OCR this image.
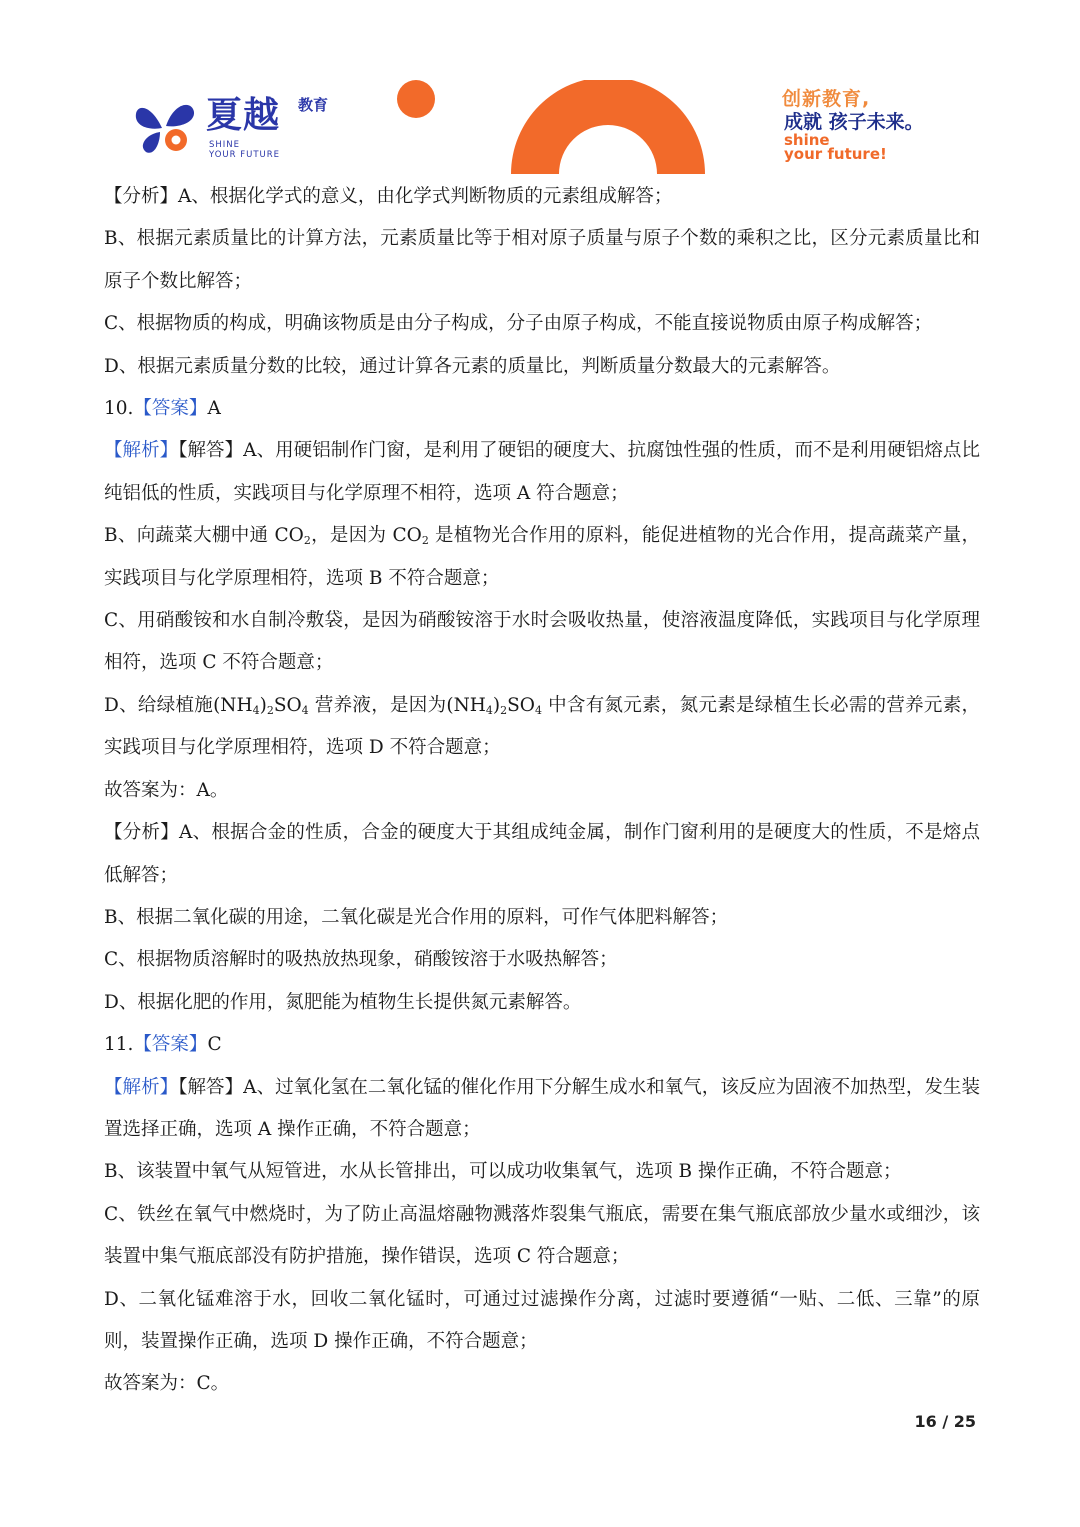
夏越 教育
SHINE
YOUR FUTURE
创新教育,
成就 孩子未来。
shine
your future!

【分析】A、根据化学式的意义，由化学式判断物质的元素组成解答；

B、根据元素质量比的计算方法，元素质量比等于相对原子质量与原子个数的乘积之比，区分元素质量比和原子个数比解答；

C、根据物质的构成，明确该物质是由分子构成，分子由原子构成，不能直接说物质由原子构成解答；

D、根据元素质量分数的比较，通过计算各元素的质量比，判断质量分数最大的元素解答。

10.【答案】A

【解析】【解答】A、用硬铝制作门窗，是利用了硬铝的硬度大、抗腐蚀性强的性质，而不是利用硬铝熔点比纯铝低的性质，实践项目与化学原理不相符，选项 A 符合题意；

B、向蔬菜大棚中通 $CO_2$，是因为 $CO_2$ 是植物光合作用的原料，能促进植物的光合作用，提高蔬菜产量，实践项目与化学原理相符，选项 B 不符合题意；

C、用硝酸铵和水自制冷敷袋，是因为硝酸铵溶于水时会吸收热量，使溶液温度降低，实践项目与化学原理相符，选项 C 不符合题意；

D、给绿植施$(NH_4)_2SO_4$ 营养液，是因为$(NH_4)_2SO_4$ 中含有氮元素，氮元素是绿植生长必需的营养元素，实践项目与化学原理相符，选项 D 不符合题意；

故答案为：A。

【分析】A、根据合金的性质，合金的硬度大于其组成纯金属，制作门窗利用的是硬度大的性质，不是熔点低解答；

B、根据二氧化碳的用途，二氧化碳是光合作用的原料，可作气体肥料解答；

C、根据物质溶解时的吸热放热现象，硝酸铵溶于水吸热解答；

D、根据化肥的作用，氮肥能为植物生长提供氮元素解答。

11.【答案】C

【解析】【解答】A、过氧化氢在二氧化锰的催化作用下分解生成水和氧气，该反应为固液不加热型，发生装置选择正确，选项 A 操作正确，不符合题意；

B、该装置中氧气从短管进，水从长管排出，可以成功收集氧气，选项 B 操作正确，不符合题意；

C、铁丝在氧气中燃烧时，为了防止高温熔融物溅落炸裂集气瓶底，需要在集气瓶底部放少量水或细沙，该装置中集气瓶底部没有防护措施，操作错误，选项 C 符合题意；

D、二氧化锰难溶于水，回收二氧化锰时，可通过过滤操作分离，过滤时要遵循“一贴、二低、三靠”的原则，装置操作正确，选项 D 操作正确，不符合题意；

故答案为：C。

16 / 25
